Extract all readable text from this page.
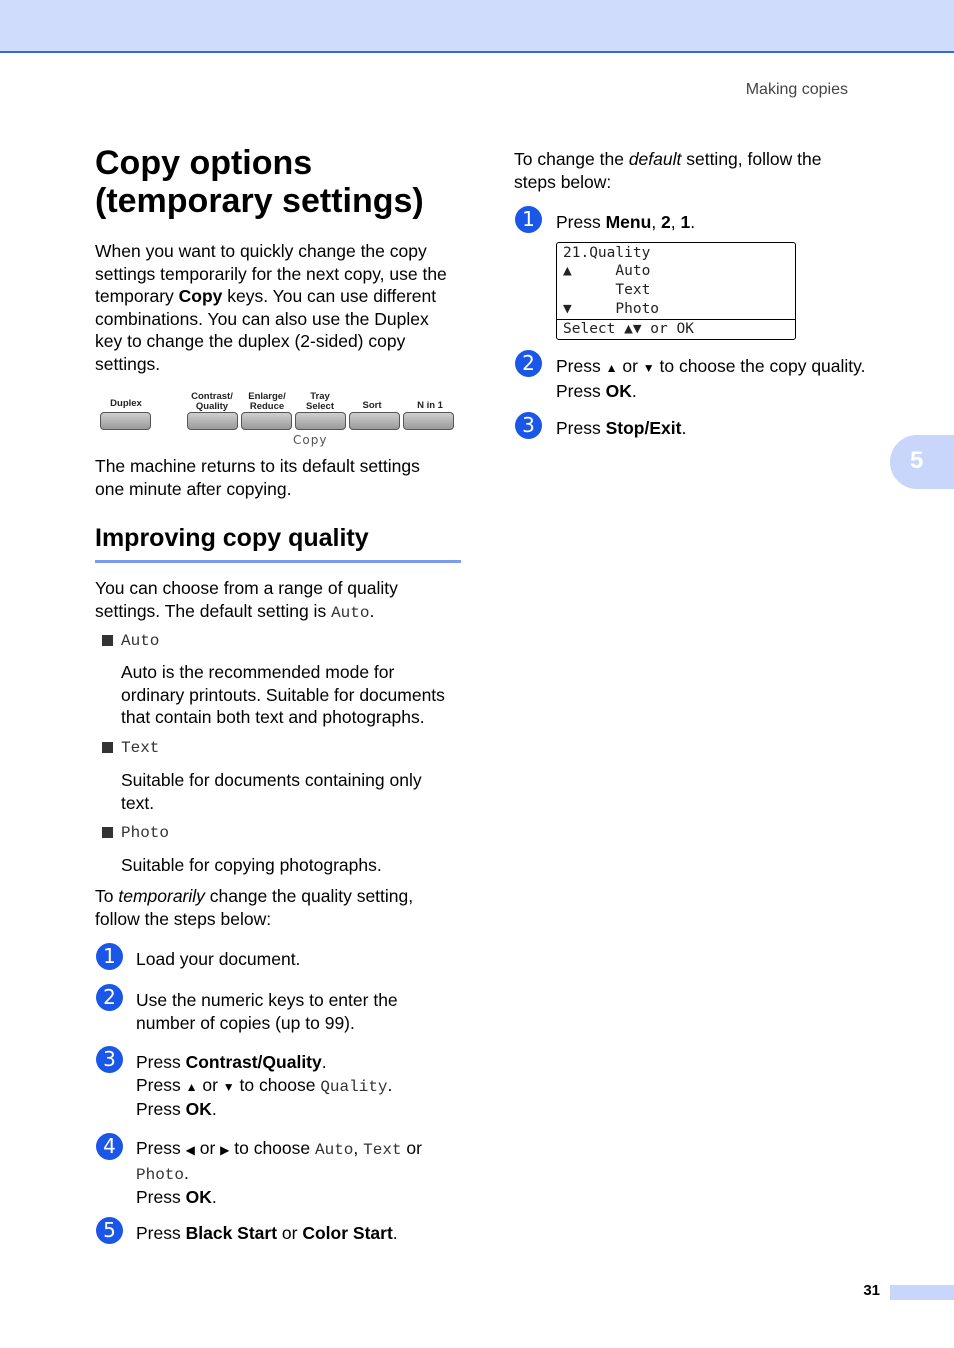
Making copies
5
Copy options
(temporary settings)
When you want to quickly change the copy
settings temporarily for the next copy, use the
temporary Copy keys. You can use different
combinations. You can also use the Duplex
key to change the duplex (2-sided) copy
settings.
Duplex
Contrast/
Quality
Enlarge/
Reduce
Tray
Select	Sort	N in 1
Copy
The machine returns to its default settings
one minute after copying.
Improving copy quality
You can choose from a range of quality
settings. The default setting is Auto.
Auto
Auto is the recommended mode for
ordinary printouts. Suitable for documents
that contain both text and photographs.
Text
Suitable for documents containing only
text.
Photo
Suitable for copying photographs.
To temporarily change the quality setting,
follow the steps below:
1	Load your document.
2	Use the numeric keys to enter the
number of copies (up to 99).
3	Press Contrast/Quality.
Press ▲ or ▼ to choose Quality.
Press OK.
4	Press ◀ or ▶ to choose Auto, Text or
Photo.
Press OK.
5	Press Black Start or Color Start.
To change the default setting, follow the
steps below:
1	Press Menu, 2, 1.
21.Quality
▲     Auto
Text
▼     Photo
Select ▲▼ or OK
2	Press ▲ or ▼ to choose the copy quality.
Press OK.
3	Press Stop/Exit.
31
